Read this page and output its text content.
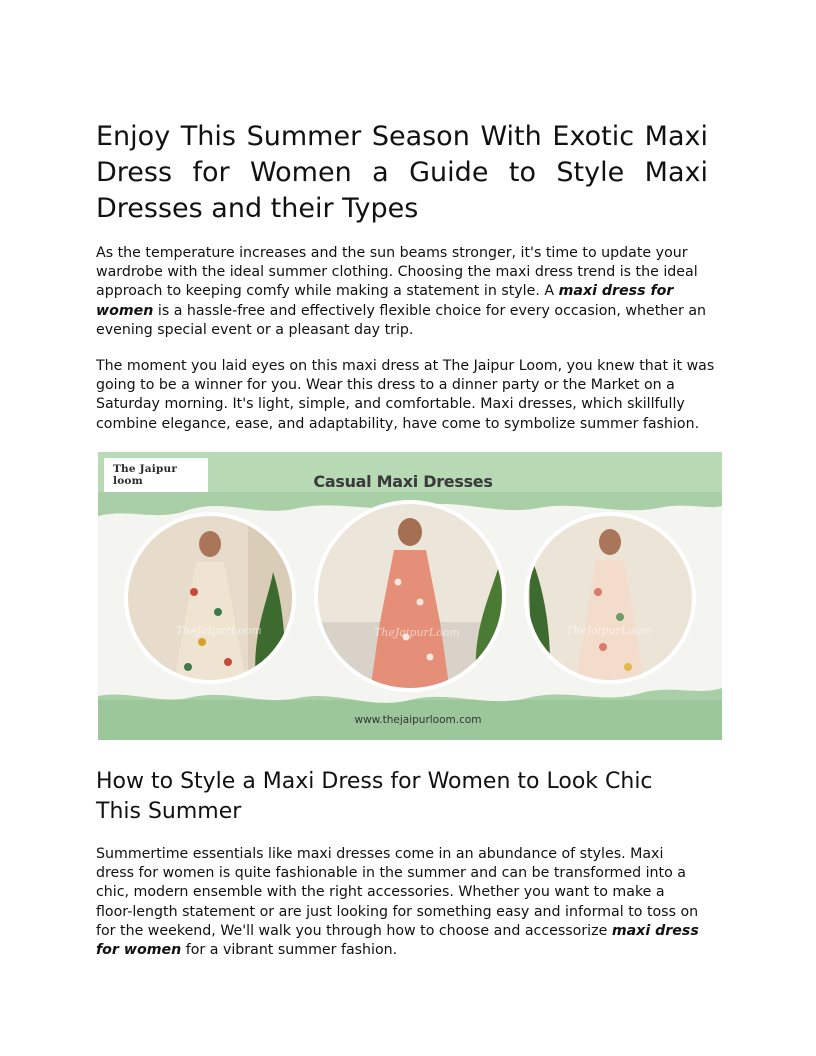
Enjoy This Summer Season With Exotic Maxi Dress for Women a Guide to Style Maxi Dresses and their Types

As the temperature increases and the sun beams stronger, it's time to update your wardrobe with the ideal summer clothing. Choosing the maxi dress trend is the ideal approach to keeping comfy while making a statement in style. A maxi dress for women is a hassle-free and effectively flexible choice for every occasion, whether an evening special event or a pleasant day trip.

The moment you laid eyes on this maxi dress at The Jaipur Loom, you knew that it was going to be a winner for you. Wear this dress to a dinner party or the Market on a Saturday morning. It's light, simple, and comfortable. Maxi dresses, which skillfully combine elegance, ease, and adaptability, have come to symbolize summer fashion.

TheJaipurLoom	TheJaipurLoom	TheJaipurLoom
The Jaipur loom	Casual Maxi Dresses
www.thejaipurloom.com
How to Style a Maxi Dress for Women to Look Chic This Summer

Summertime essentials like maxi dresses come in an abundance of styles. Maxi dress for women is quite fashionable in the summer and can be transformed into a chic, modern ensemble with the right accessories. Whether you want to make a floor-length statement or are just looking for something easy and informal to toss on for the weekend, We'll walk you through how to choose and accessorize maxi dress for women for a vibrant summer fashion.
